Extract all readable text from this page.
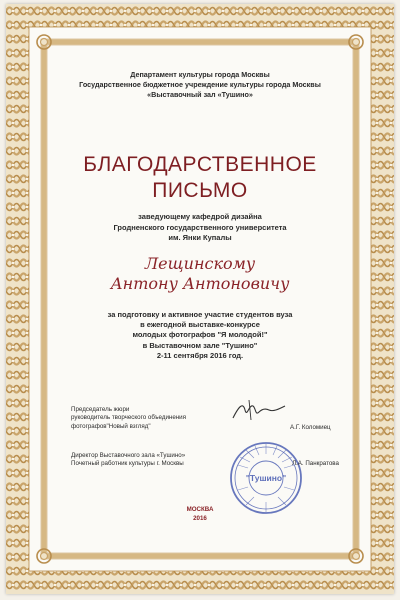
Департамент культуры города Москвы
Государственное бюджетное учреждение культуры города Москвы
«Выставочный зал «Тушино»
БЛАГОДАРСТВЕННОЕ
ПИСЬМО
заведующему кафедрой дизайна
Гродненского государственного университета
им. Янки Купалы
Лещинскому
Антону Антоновичу
за подготовку и активное участие студентов вуза
в ежегодной выставке-конкурсе
молодых фотографов "Я молодой!"
в Выставочном зале "Тушино"
2-11 сентября 2016 год.
Председатель жюри
руководитель творческого объединения
фотографов"Новый взгляд"	А.Г. Коломиец
Директор Выставочного зала «Тушино»
Почетный работник культуры г. Москвы
"Тушино"
Л.А. Панкратова
МОСКВА
2016
